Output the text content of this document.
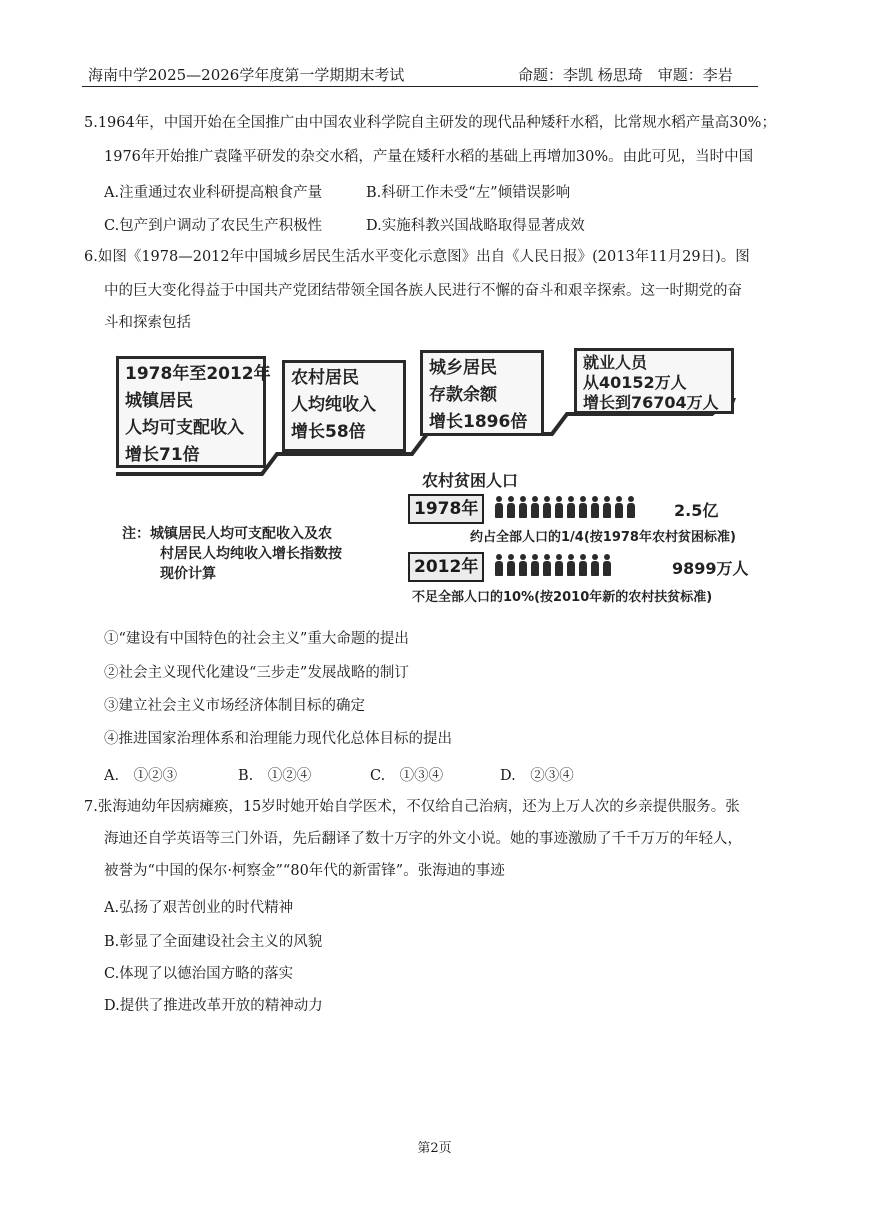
海南中学2025—2026学年度第一学期期末考试	命题：李凯 杨思琦　审题：李岩
5.1964年，中国开始在全国推广由中国农业科学院自主研发的现代品种矮秆水稻，比常规水稻产量高30%；
1976年开始推广袁隆平研发的杂交水稻，产量在矮秆水稻的基础上再增加30%。由此可见，当时中国
A.注重通过农业科研提高粮食产量	B.科研工作未受“左”倾错误影响
C.包产到户调动了农民生产积极性	D.实施科教兴国战略取得显著成效
6.如图《1978—2012年中国城乡居民生活水平变化示意图》出自《人民日报》(2013年11月29日)。图
中的巨大变化得益于中国共产党团结带领全国各族人民进行不懈的奋斗和艰辛探索。这一时期党的奋
斗和探索包括
1978年至2012年
城镇居民
人均可支配收入
增长71倍
农村居民
人均纯收入
增长58倍
城乡居民
存款余额
增长1896倍
就业人员
从40152万人
增长到76704万人
农村贫困人口
1978年	2.5亿
约占全部人口的1/4(按1978年农村贫困标准)
2012年	9899万人
不足全部人口的10%(按2010年新的农村扶贫标准)
注：城镇居民人均可支配收入及农
村居民人均纯收入增长指数按
现价计算
①“建设有中国特色的社会主义”重大命题的提出
②社会主义现代化建设“三步走”发展战略的制订
③建立社会主义市场经济体制目标的确定
④推进国家治理体系和治理能力现代化总体目标的提出
A.　①②③	B.　①②④	C.　①③④	D.　②③④
7.张海迪幼年因病瘫痪，15岁时她开始自学医术，不仅给自己治病，还为上万人次的乡亲提供服务。张
海迪还自学英语等三门外语，先后翻译了数十万字的外文小说。她的事迹激励了千千万万的年轻人，
被誉为“中国的保尔·柯察金”“80年代的新雷锋”。张海迪的事迹
A.弘扬了艰苦创业的时代精神
B.彰显了全面建设社会主义的风貌
C.体现了以德治国方略的落实
D.提供了推进改革开放的精神动力
第2页
